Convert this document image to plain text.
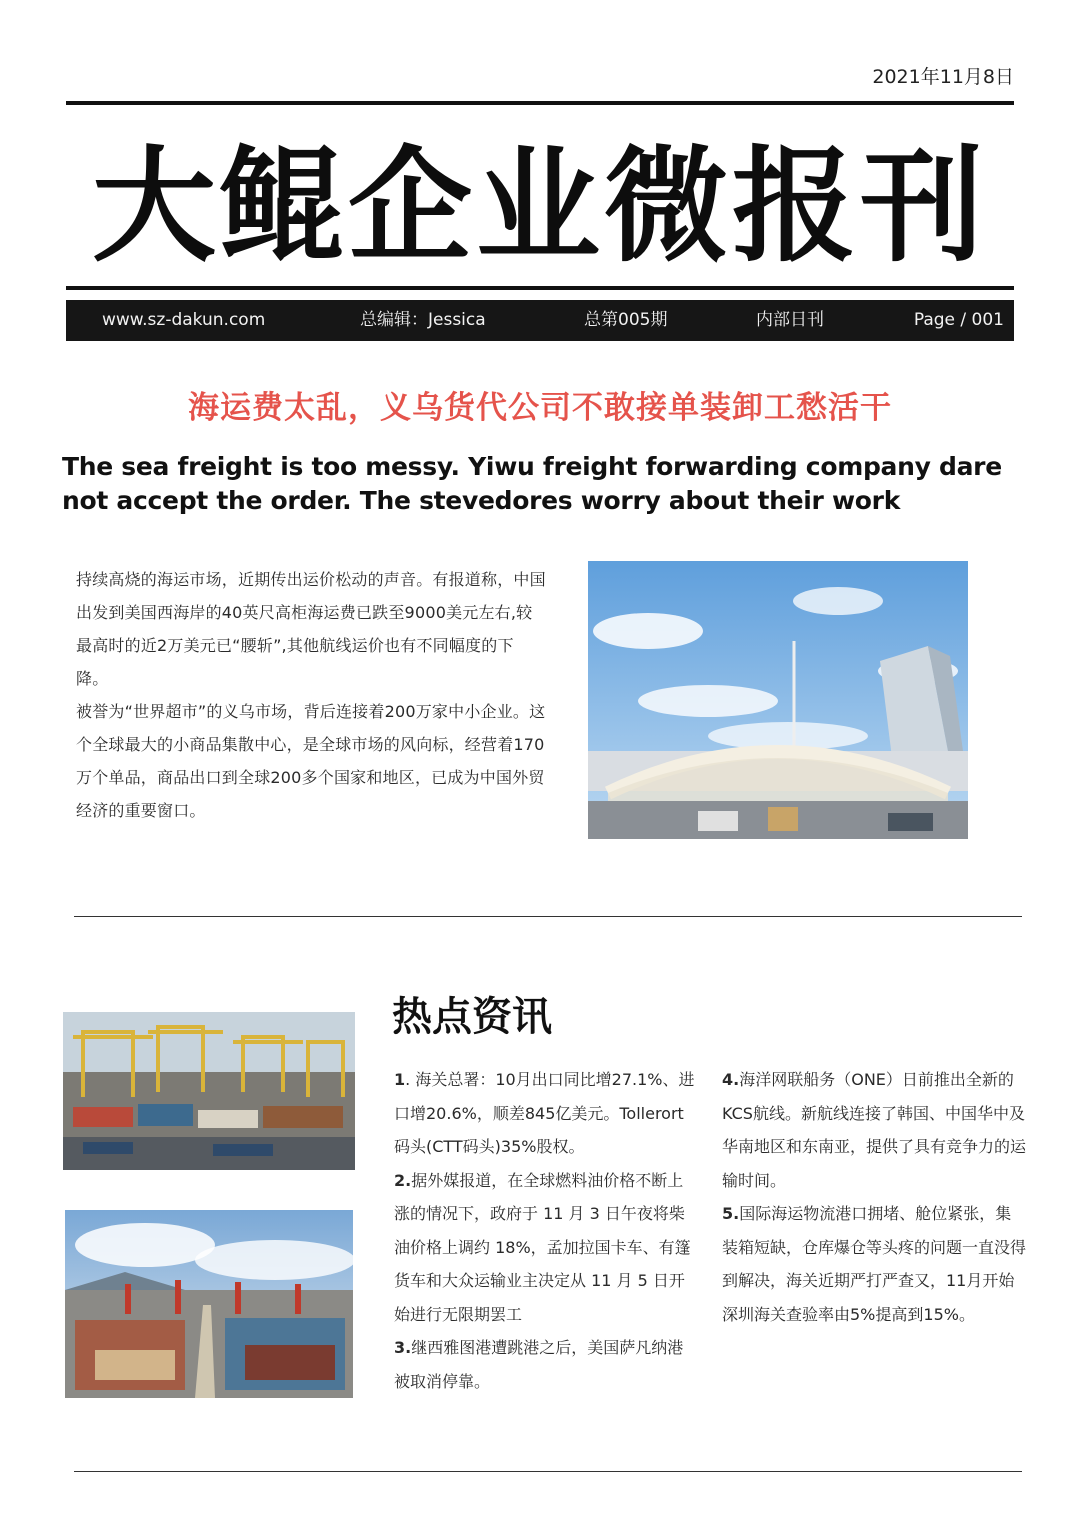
2021年11月8日
大鲲企业微报刊
www.sz-dakun.com	总编辑：Jessica	总第005期	内部日刊	Page / 001
海运费太乱，义乌货代公司不敢接单装卸工愁活干
The sea freight is too messy. Yiwu freight forwarding company dare not accept the order. The stevedores worry about their work

持续高烧的海运市场，近期传出运价松动的声音。有报道称，中国出发到美国西海岸的40英尺高柜海运费已跌至9000美元左右,较最高时的近2万美元已“腰斩”,其他航线运价也有不同幅度的下降。

被誉为“世界超市”的义乌市场，背后连接着200万家中小企业。这个全球最大的小商品集散中心，是全球市场的风向标，经营着170万个单品，商品出口到全球200多个国家和地区，已成为中国外贸经济的重要窗口。

热点资讯

1. 海关总署：10月出口同比增27.1%、进口增20.6%，顺差845亿美元。Tollerort码头(CTT码头)35%股权。

2.据外媒报道，在全球燃料油价格不断上涨的情况下，政府于 11 月 3 日午夜将柴油价格上调约 18%，孟加拉国卡车、有篷货车和大众运输业主决定从 11 月 5 日开始进行无限期罢工

3.继西雅图港遭跳港之后，美国萨凡纳港被取消停靠。

4.海洋网联船务（ONE）日前推出全新的KCS航线。新航线连接了韩国、中国华中及华南地区和东南亚，提供了具有竞争力的运输时间。

5.国际海运物流港口拥堵、舱位紧张，集装箱短缺，仓库爆仓等头疼的问题一直没得到解决，海关近期严打严查又，11月开始深圳海关查验率由5%提高到15%。
